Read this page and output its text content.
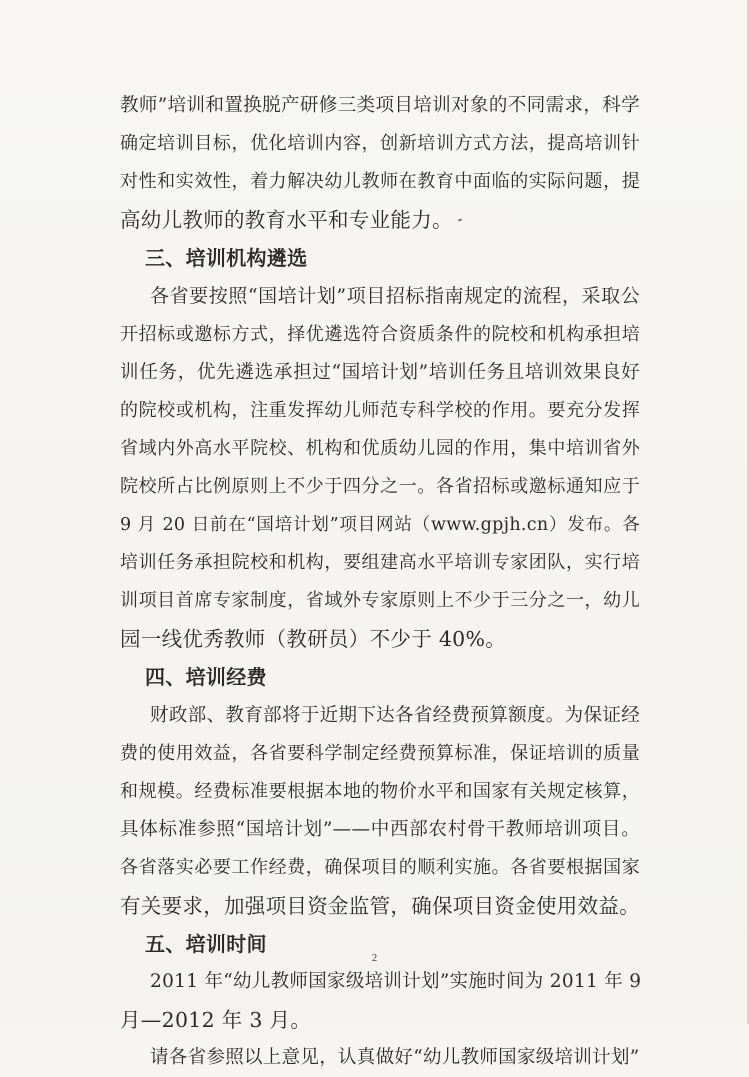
教师”培训和置换脱产研修三类项目培训对象的不同需求，科学
确定培训目标，优化培训内容，创新培训方式方法，提高培训针
对性和实效性，着力解决幼儿教师在教育中面临的实际问题，提
高幼儿教师的教育水平和专业能力。
三、培训机构遴选
各省要按照“国培计划”项目招标指南规定的流程，采取公
开招标或邀标方式，择优遴选符合资质条件的院校和机构承担培
训任务，优先遴选承担过“国培计划”培训任务且培训效果良好
的院校或机构，注重发挥幼儿师范专科学校的作用。要充分发挥
省域内外高水平院校、机构和优质幼儿园的作用，集中培训省外
院校所占比例原则上不少于四分之一。各省招标或邀标通知应于
9 月 20 日前在“国培计划”项目网站（www.gpjh.cn）发布。各
培训任务承担院校和机构，要组建高水平培训专家团队，实行培
训项目首席专家制度，省域外专家原则上不少于三分之一，幼儿
园一线优秀教师（教研员）不少于 40%。
四、培训经费
财政部、教育部将于近期下达各省经费预算额度。为保证经
费的使用效益，各省要科学制定经费预算标准，保证培训的质量
和规模。经费标准要根据本地的物价水平和国家有关规定核算，
具体标准参照“国培计划”——中西部农村骨干教师培训项目。
各省落实必要工作经费，确保项目的顺利实施。各省要根据国家
有关要求，加强项目资金监管，确保项目资金使用效益。
五、培训时间
2011 年“幼儿教师国家级培训计划”实施时间为 2011 年 9
月—2012 年 3 月。
请各省参照以上意见，认真做好“幼儿教师国家级培训计划”
2
